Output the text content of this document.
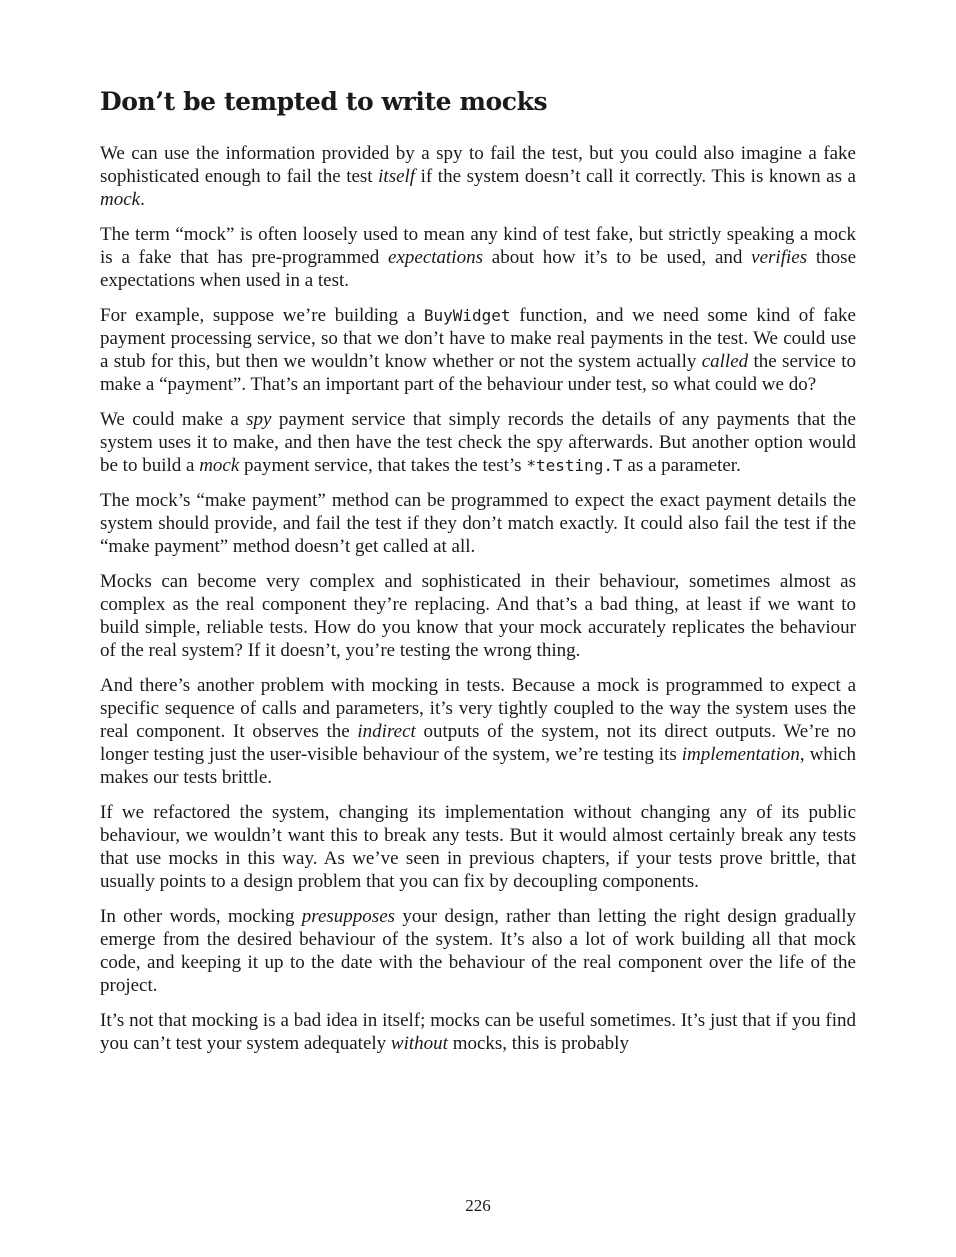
Don’t be tempted to write mocks

We can use the information provided by a spy to fail the test, but you could also imagine a fake sophisticated enough to fail the test itself if the system doesn’t call it correctly. This is known as a mock.

The term “mock” is often loosely used to mean any kind of test fake, but strictly speaking a mock is a fake that has pre-programmed expectations about how it’s to be used, and verifies those expectations when used in a test.

For example, suppose we’re building a BuyWidget function, and we need some kind of fake payment processing service, so that we don’t have to make real payments in the test. We could use a stub for this, but then we wouldn’t know whether or not the system actually called the service to make a “payment”. That’s an important part of the behaviour under test, so what could we do?

We could make a spy payment service that simply records the details of any payments that the system uses it to make, and then have the test check the spy afterwards. But another option would be to build a mock payment service, that takes the test’s *testing.T as a parameter.

The mock’s “make payment” method can be programmed to expect the exact payment details the system should provide, and fail the test if they don’t match exactly. It could also fail the test if the “make payment” method doesn’t get called at all.

Mocks can become very complex and sophisticated in their behaviour, sometimes almost as complex as the real component they’re replacing. And that’s a bad thing, at least if we want to build simple, reliable tests. How do you know that your mock accurately replicates the behaviour of the real system? If it doesn’t, you’re testing the wrong thing.

And there’s another problem with mocking in tests. Because a mock is programmed to expect a specific sequence of calls and parameters, it’s very tightly coupled to the way the system uses the real component. It observes the indirect outputs of the system, not its direct outputs. We’re no longer testing just the user-visible behaviour of the system, we’re testing its implementation, which makes our tests brittle.

If we refactored the system, changing its implementation without changing any of its public behaviour, we wouldn’t want this to break any tests. But it would almost certainly break any tests that use mocks in this way. As we’ve seen in previous chapters, if your tests prove brittle, that usually points to a design problem that you can fix by decoupling components.

In other words, mocking presupposes your design, rather than letting the right design gradually emerge from the desired behaviour of the system. It’s also a lot of work building all that mock code, and keeping it up to the date with the behaviour of the real component over the life of the project.

It’s not that mocking is a bad idea in itself; mocks can be useful sometimes. It’s just that if you find you can’t test your system adequately without mocks, this is probably

226
